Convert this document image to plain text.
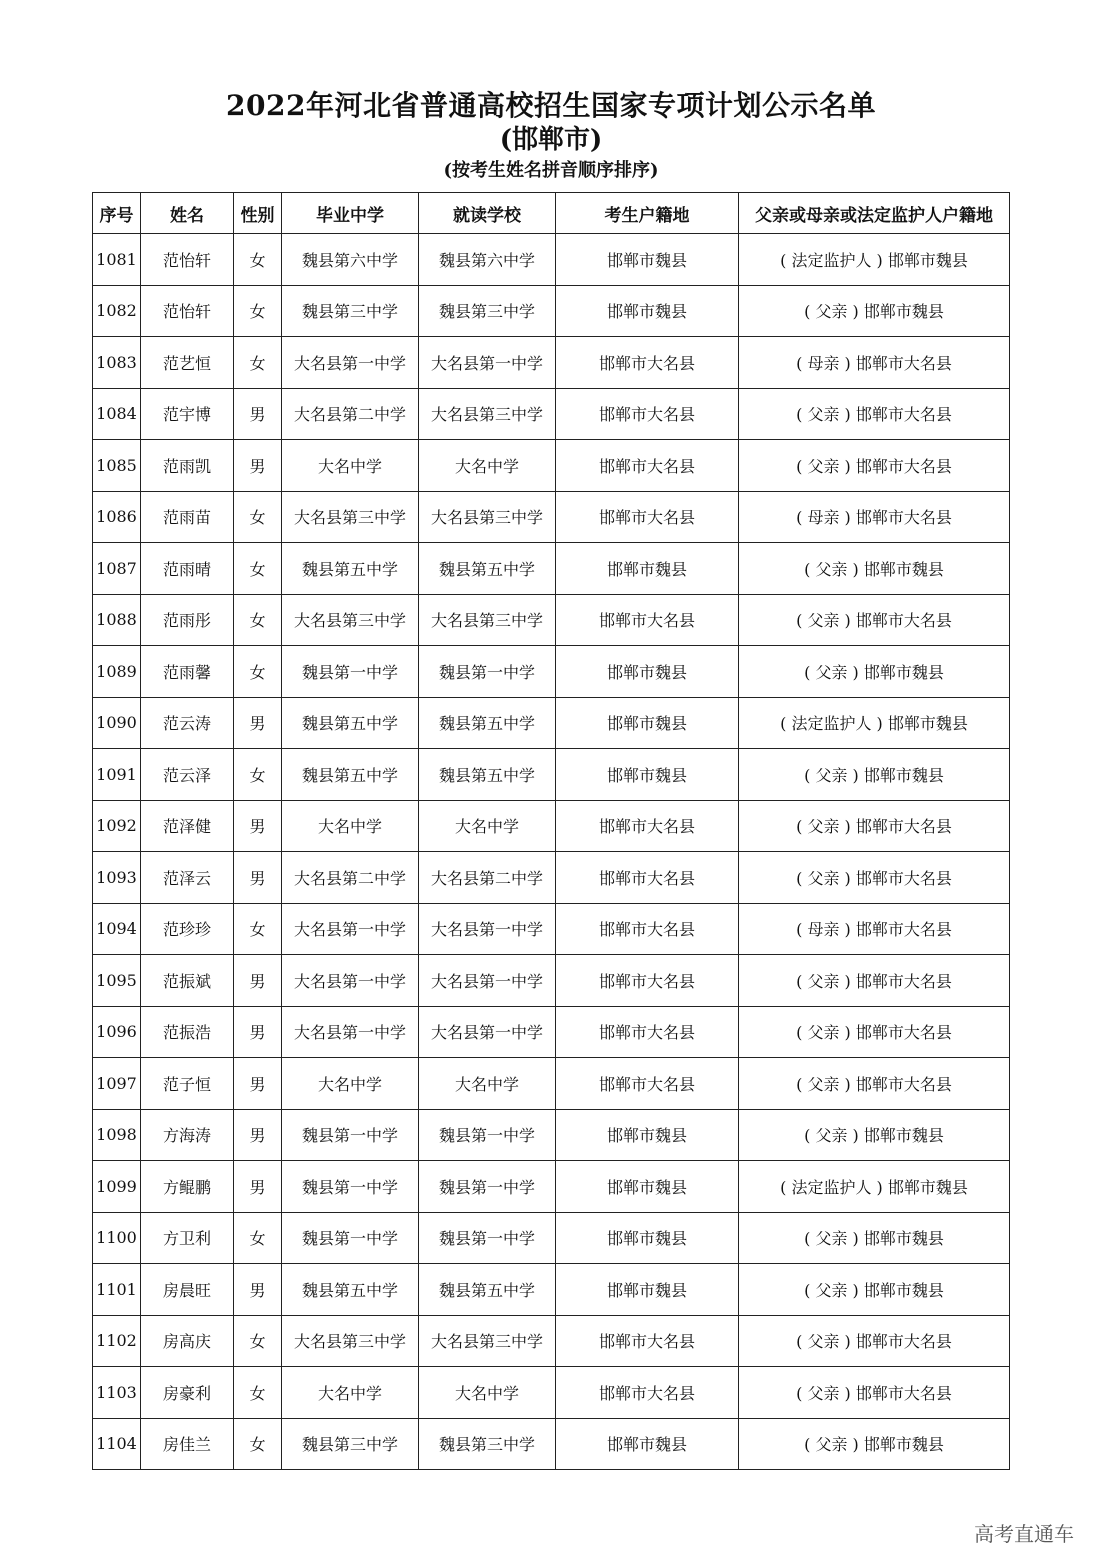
2022年河北省普通高校招生国家专项计划公示名单
(邯郸市)
(按考生姓名拼音顺序排序)
序号	姓名	性别	毕业中学	就读学校	考生户籍地	父亲或母亲或法定监护人户籍地
1081	范怡轩	女	魏县第六中学	魏县第六中学	邯郸市魏县	( 法定监护人 ) 邯郸市魏县
1082	范怡轩	女	魏县第三中学	魏县第三中学	邯郸市魏县	( 父亲 ) 邯郸市魏县
1083	范艺恒	女	大名县第一中学	大名县第一中学	邯郸市大名县	( 母亲 ) 邯郸市大名县
1084	范宇博	男	大名县第二中学	大名县第三中学	邯郸市大名县	( 父亲 ) 邯郸市大名县
1085	范雨凯	男	大名中学	大名中学	邯郸市大名县	( 父亲 ) 邯郸市大名县
1086	范雨苗	女	大名县第三中学	大名县第三中学	邯郸市大名县	( 母亲 ) 邯郸市大名县
1087	范雨晴	女	魏县第五中学	魏县第五中学	邯郸市魏县	( 父亲 ) 邯郸市魏县
1088	范雨彤	女	大名县第三中学	大名县第三中学	邯郸市大名县	( 父亲 ) 邯郸市大名县
1089	范雨馨	女	魏县第一中学	魏县第一中学	邯郸市魏县	( 父亲 ) 邯郸市魏县
1090	范云涛	男	魏县第五中学	魏县第五中学	邯郸市魏县	( 法定监护人 ) 邯郸市魏县
1091	范云泽	女	魏县第五中学	魏县第五中学	邯郸市魏县	( 父亲 ) 邯郸市魏县
1092	范泽健	男	大名中学	大名中学	邯郸市大名县	( 父亲 ) 邯郸市大名县
1093	范泽云	男	大名县第二中学	大名县第二中学	邯郸市大名县	( 父亲 ) 邯郸市大名县
1094	范珍珍	女	大名县第一中学	大名县第一中学	邯郸市大名县	( 母亲 ) 邯郸市大名县
1095	范振斌	男	大名县第一中学	大名县第一中学	邯郸市大名县	( 父亲 ) 邯郸市大名县
1096	范振浩	男	大名县第一中学	大名县第一中学	邯郸市大名县	( 父亲 ) 邯郸市大名县
1097	范子恒	男	大名中学	大名中学	邯郸市大名县	( 父亲 ) 邯郸市大名县
1098	方海涛	男	魏县第一中学	魏县第一中学	邯郸市魏县	( 父亲 ) 邯郸市魏县
1099	方鲲鹏	男	魏县第一中学	魏县第一中学	邯郸市魏县	( 法定监护人 ) 邯郸市魏县
1100	方卫利	女	魏县第一中学	魏县第一中学	邯郸市魏县	( 父亲 ) 邯郸市魏县
1101	房晨旺	男	魏县第五中学	魏县第五中学	邯郸市魏县	( 父亲 ) 邯郸市魏县
1102	房高庆	女	大名县第三中学	大名县第三中学	邯郸市大名县	( 父亲 ) 邯郸市大名县
1103	房豪利	女	大名中学	大名中学	邯郸市大名县	( 父亲 ) 邯郸市大名县
1104	房佳兰	女	魏县第三中学	魏县第三中学	邯郸市魏县	( 父亲 ) 邯郸市魏县
高考直通车
